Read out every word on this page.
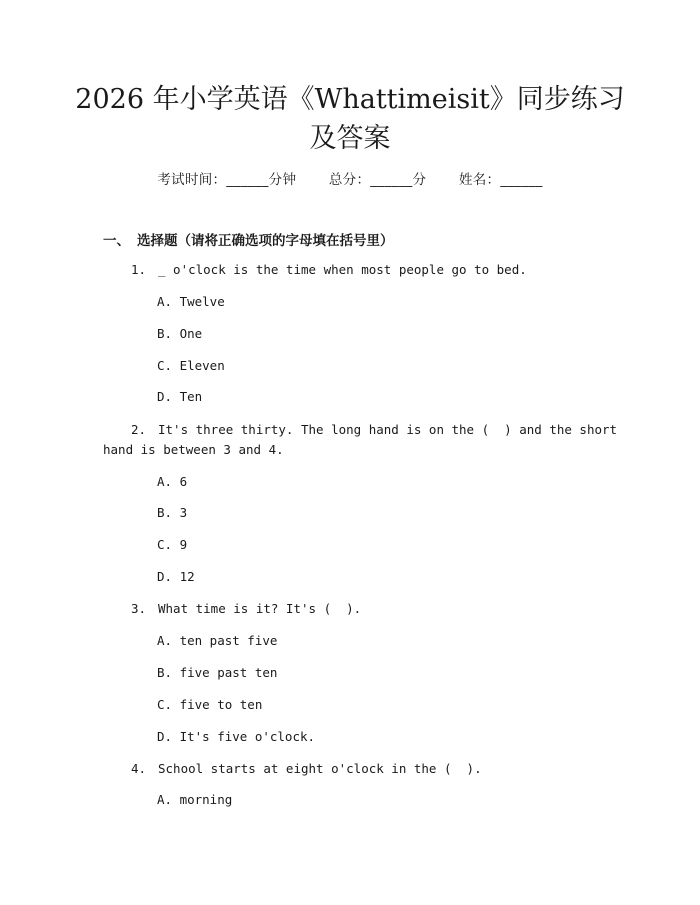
2026 年小学英语《Whattimeisit》同步练习
及答案
考试时间：______分钟 总分：______分 姓名：______
一、 选择题（请将正确选项的字母填在括号里）
1. _ o'clock is the time when most people go to bed.
A. Twelve
B. One
C. Eleven
D. Ten
2. It's three thirty. The long hand is on the (  ) and the short
hand is between 3 and 4.
A. 6
B. 3
C. 9
D. 12
3. What time is it? It's (  ).
A. ten past five
B. five past ten
C. five to ten
D. It's five o'clock.
4. School starts at eight o'clock in the (  ).
A. morning
